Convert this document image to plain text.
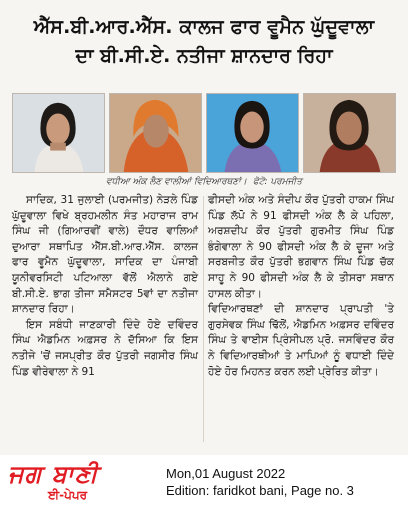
ਐੱਸ.ਬੀ.ਆਰ.ਐੱਸ. ਕਾਲਜ ਫਾਰ ਵੂਮੈਨ ਘੁੱਦੂਵਾਲਾ
ਦਾ ਬੀ.ਸੀ.ਏ. ਨਤੀਜਾ ਸ਼ਾਨਦਾਰ ਰਿਹਾ
ਵਧੀਆ ਅੰਕ ਲੈਣ ਵਾਲੀਆਂ ਵਿਦਿਆਰਥਣਾਂ। ਫੋਟੋ: ਪਰਮਜੀਤ

ਸਾਦਿਕ, 31 ਜੁਲਾਈ (ਪਰਮਜੀਤ) ਨੇੜਲੇ ਪਿੰਡ ਘੁੱਦੂਵਾਲਾ ਵਿਖੇ ਬ੍ਰਹਮਲੀਨ ਸੰਤ ਮਹਾਰਾਜ ਰਾਮ ਸਿੰਘ ਜੀ (ਗਿਆਰਵੀਂ ਵਾਲੇ) ਦੌਧਰ ਵਾਲਿਆਂ ਦੁਆਰਾ ਸਥਾਪਿਤ ਐੱਸ.ਬੀ.ਆਰ.ਐੱਸ. ਕਾਲਜ ਫਾਰ ਵੂਮੈਨ ਘੁੱਦੂਵਾਲਾ, ਸਾਦਿਕ ਦਾ ਪੰਜਾਬੀ ਯੂਨੀਵਰਸਿਟੀ ਪਟਿਆਲਾ ਵੱਲੋਂ ਐਲਾਨੇ ਗਏ ਬੀ.ਸੀ.ਏ. ਭਾਗ ਤੀਜਾ ਸਮੈਸਟਰ 5ਵਾਂ ਦਾ ਨਤੀਜਾ ਸ਼ਾਨਦਾਰ ਰਿਹਾ।

ਇਸ ਸਬੰਧੀ ਜਾਣਕਾਰੀ ਦਿੰਦੇ ਹੋਏ ਦਵਿੰਦਰ ਸਿੰਘ ਐਡਮਿਨ ਅਫ਼ਸਰ ਨੇ ਦੱਸਿਆ ਕਿ ਇਸ ਨਤੀਜੇ 'ਚੋਂ ਜਸਪ੍ਰੀਤ ਕੌਰ ਪੁੱਤਰੀ ਜਗਸੀਰ ਸਿੰਘ ਪਿੰਡ ਵੀਰੇਵਾਲਾ ਨੇ 91

ਫੀਸਦੀ ਅੰਕ ਅਤੇ ਸੰਦੀਪ ਕੌਰ ਪੁੱਤਰੀ ਹਾਕਮ ਸਿੰਘ ਪਿੰਡ ਲੱਪੋ ਨੇ 91 ਫੀਸਦੀ ਅੰਕ ਲੈ ਕੇ ਪਹਿਲਾ, ਅਰਸ਼ਦੀਪ ਕੌਰ ਪੁੱਤਰੀ ਗੁਰਮੀਤ ਸਿੰਘ ਪਿੰਡ ਭੰਗੇਵਾਲਾ ਨੇ 90 ਫੀਸਦੀ ਅੰਕ ਲੈ ਕੇ ਦੂਜਾ ਅਤੇ ਸਰਬਜੀਤ ਕੌਰ ਪੁੱਤਰੀ ਭਗਵਾਨ ਸਿੰਘ ਪਿੰਡ ਚੱਕ ਸਾਹੂ ਨੇ 90 ਫੀਸਦੀ ਅੰਕ ਲੈ ਕੇ ਤੀਸਰਾ ਸਥਾਨ ਹਾਸਲ ਕੀਤਾ।

ਵਿਦਿਆਰਥਣਾਂ ਦੀ ਸ਼ਾਨਦਾਰ ਪ੍ਰਾਪਤੀ 'ਤੇ ਗੁਰਸੇਵਕ ਸਿੰਘ ਢਿੱਲੋਂ, ਐਡਮਿਨ ਅਫ਼ਸਰ ਦਵਿੰਦਰ ਸਿੰਘ ਤੇ ਵਾਈਸ ਪ੍ਰਿੰਸੀਪਲ ਪ੍ਰੋ. ਜਸਵਿੰਦਰ ਕੌਰ ਨੇ ਵਿਦਿਆਰਥੀਆਂ ਤੇ ਮਾਪਿਆਂ ਨੂੰ ਵਧਾਈ ਦਿੰਦੇ ਹੋਏ ਹੋਰ ਮਿਹਨਤ ਕਰਨ ਲਈ ਪ੍ਰੇਰਿਤ ਕੀਤਾ।

ਜਗ ਬਾਣੀ
ਈ-ਪੇਪਰ
Mon,01 August 2022
Edition: faridkot bani, Page no. 3
